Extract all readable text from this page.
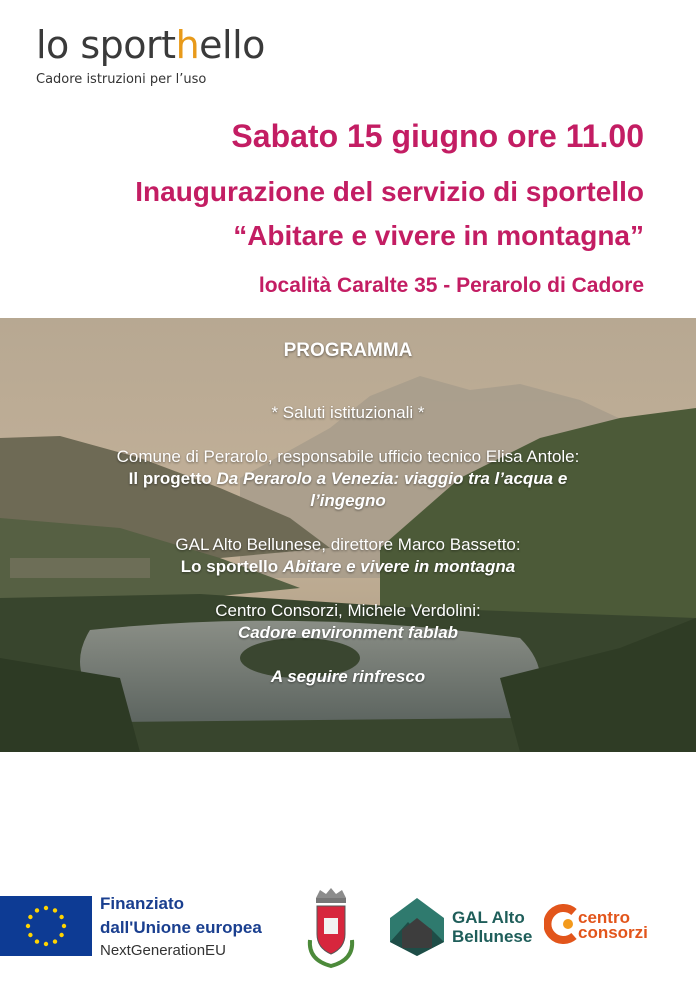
lo sporthello
Cadore istruzioni per l’uso
Sabato 15 giugno ore 11.00
Inaugurazione del servizio di sportello
“Abitare e vivere in montagna”
località Caralte 35 - Perarolo di Cadore
PROGRAMMA
* Saluti istituzionali *
Comune di Perarolo, responsabile ufficio tecnico Elisa Antole:
Il progetto Da Perarolo a Venezia: viaggio tra l’acqua e
l’ingegno
GAL Alto Bellunese, direttore Marco Bassetto:
Lo sportello Abitare e vivere in montagna
Centro Consorzi, Michele Verdolini:
Cadore environment fablab
A seguire rinfresco
Finanziato
dall'Unione europea
NextGenerationEU
GAL Alto
Bellunese
centro
consorzi
